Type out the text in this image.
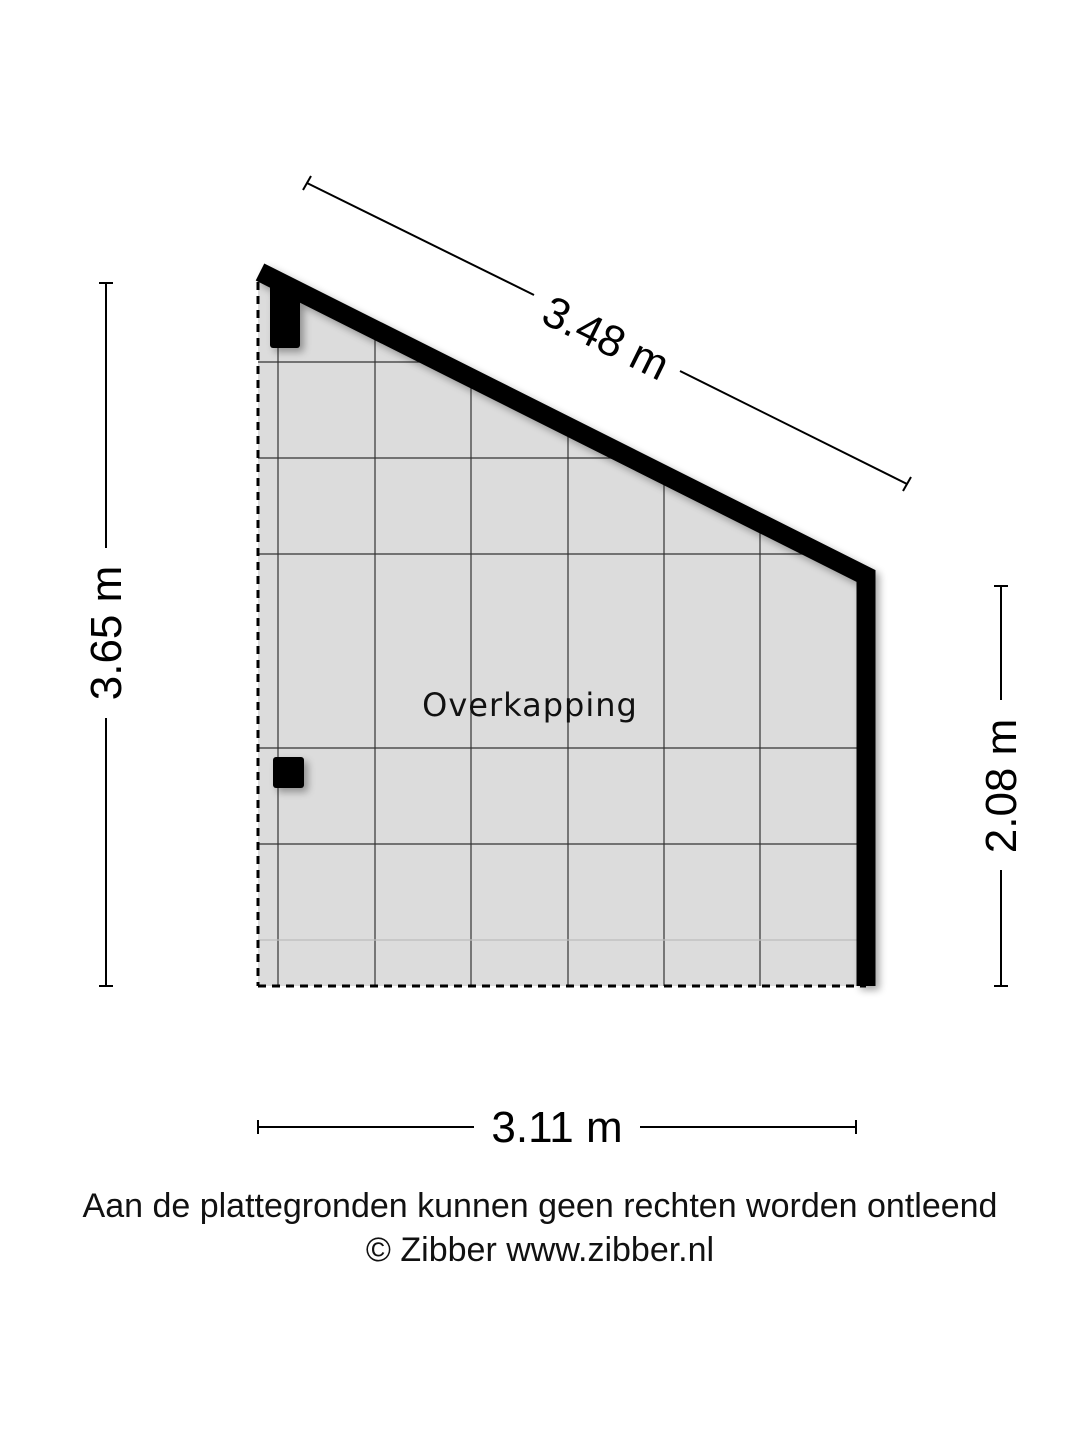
Overkapping
3.48 m
3.65 m
2.08 m
3.11 m
Aan de plattegronden kunnen geen rechten worden ontleend
© Zibber www.zibber.nl
